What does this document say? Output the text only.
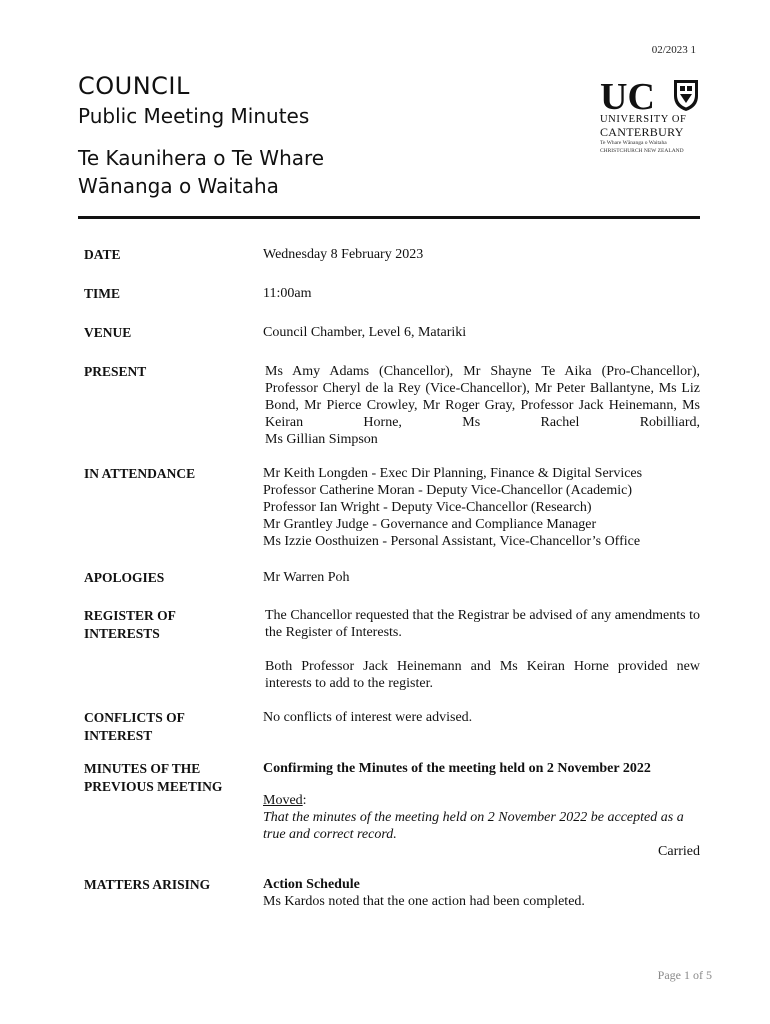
02/2023 1
COUNCIL
Public Meeting Minutes
Te Kaunihera o Te Whare
Wānanga o Waitaha
UC
UNIVERSITY OF
CANTERBURY
Te Whare Wānanga o Waitaha
CHRISTCHURCH NEW ZEALAND
DATE	Wednesday 8 February 2023
TIME	11:00am
VENUE	Council Chamber, Level 6, Matariki
PRESENT	Ms Amy Adams (Chancellor), Mr Shayne Te Aika (Pro-Chancellor), Professor Cheryl de la Rey (Vice-Chancellor), Mr Peter Ballantyne, Ms Liz Bond, Mr Pierce Crowley, Mr Roger Gray, Professor Jack Heinemann, Ms Keiran Horne, Ms Rachel Robilliard,

Ms Gillian Simpson

IN ATTENDANCE	Mr Keith Longden - Exec Dir Planning, Finance & Digital Services

Professor Catherine Moran - Deputy Vice-Chancellor (Academic)

Professor Ian Wright - Deputy Vice-Chancellor (Research)

Mr Grantley Judge - Governance and Compliance Manager

Ms Izzie Oosthuizen - Personal Assistant, Vice-Chancellor’s Office

APOLOGIES	Mr Warren Poh
REGISTER OF
INTERESTS

The Chancellor requested that the Registrar be advised of any amendments to the Register of Interests.

Both Professor Jack Heinemann and Ms Keiran Horne provided new interests to add to the register.

CONFLICTS OF
INTEREST
No conflicts of interest were advised.
MINUTES OF THE
PREVIOUS MEETING

Confirming the Minutes of the meeting held on 2 November 2022

Moved:

That the minutes of the meeting held on 2 November 2022 be accepted as a true and correct record.

Carried

MATTERS ARISING	Action Schedule

Ms Kardos noted that the one action had been completed.

Page 1 of 5
